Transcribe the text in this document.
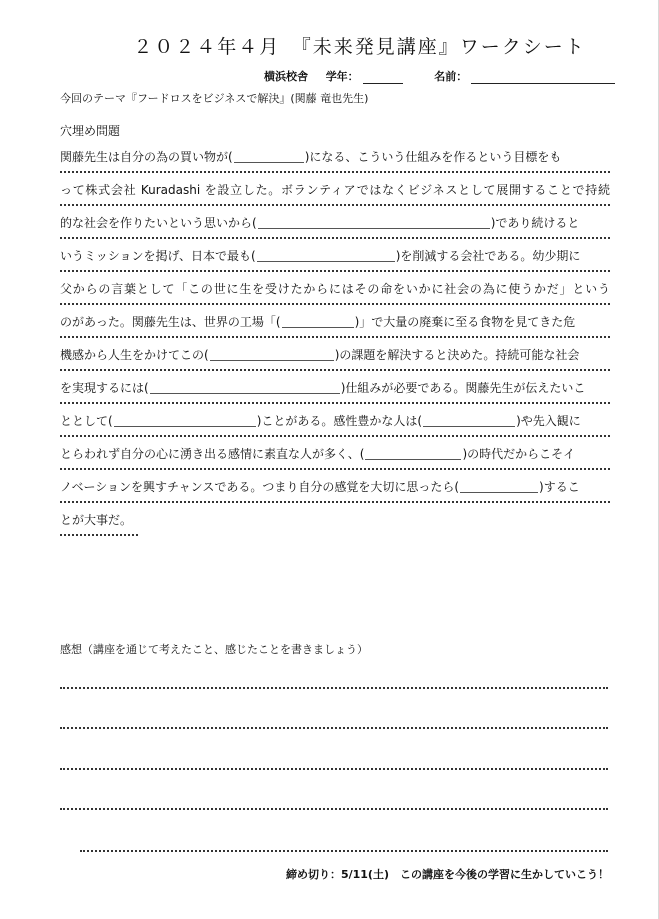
２０２４年４月　『未来発見講座』ワークシート
横浜校舎 学年：	名前：
今回のテーマ『フードロスをビジネスで解決』(関藤 竜也先生)
穴埋め問題
関藤先生は自分の為の買い物が(	)になる、こういう仕組みを作るという目標をも
って株式会社 Kuradashi を設立した。ボランティアではなくビジネスとして展開することで持続
的な社会を作りたいという思いから(	)であり続けると
いうミッションを掲げ、日本で最も(	)を削減する会社である。幼少期に
父からの言葉として「この世に生を受けたからにはその命をいかに社会の為に使うかだ」という
のがあった。関藤先生は、世界の工場「(	)」で大量の廃棄に至る食物を見てきた危
機感から人生をかけてこの(	)の課題を解決すると決めた。持続可能な社会
を実現するには(	)仕組みが必要である。関藤先生が伝えたいこ
ととして(	)ことがある。感性豊かな人は(	)や先入観に
とらわれず自分の心に湧き出る感情に素直な人が多く、(	)の時代だからこそイ
ノベーションを興すチャンスである。つまり自分の感覚を大切に思ったら(	)するこ
とが大事だ。
感想（講座を通じて考えたこと、感じたことを書きましょう）
締め切り：5/11(土)　この講座を今後の学習に生かしていこう！
